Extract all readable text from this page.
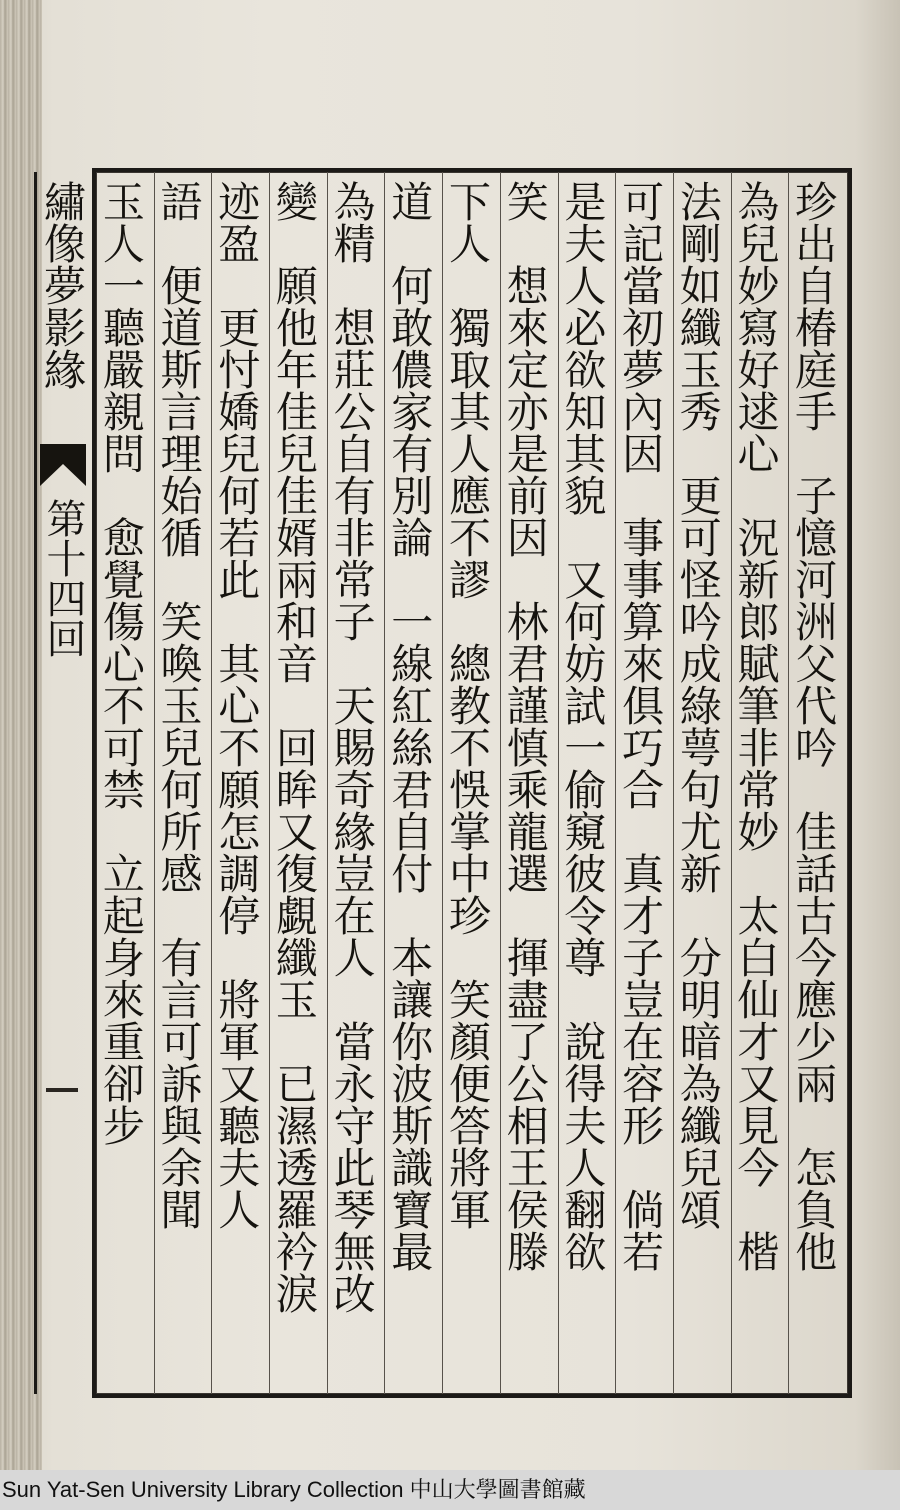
珍出自椿庭手　子憶河洲父代吟　佳話古今應少兩　怎負他
為兒妙寫好逑心　況新郎賦筆非常妙　太白仙才又見今　楷
法剛如纖玉秀　更可怪吟成綠萼句尤新　分明暗為纖兒頌
可記當初夢內因　事事算來俱巧合　真才子豈在容形　倘若
是夫人必欲知其貌　又何妨試一偷窺彼令尊　說得夫人翻欲
笑　想來定亦是前因　林君謹慎乘龍選　揮盡了公相王侯滕
下人　獨取其人應不謬　總教不悞掌中珍　笑顏便答將軍
道　何敢儂家有別論　一線紅絲君自付　本讓你波斯識寶最
為精　想莊公自有非常子　天賜奇緣豈在人　當永守此琴無改
變　願他年佳兒佳婿兩和音　回眸又復覷纖玉　已濕透羅衿淚
迹盈　更忖嬌兒何若此　其心不願怎調停　將軍又聽夫人
語　便道斯言理始循　笑喚玉兒何所感　有言可訴與余聞
玉人一聽嚴親問　愈覺傷心不可禁　立起身來重卻步
繡像夢影緣
第十四回
Sun Yat-Sen University Library Collection 中山大學圖書館藏
